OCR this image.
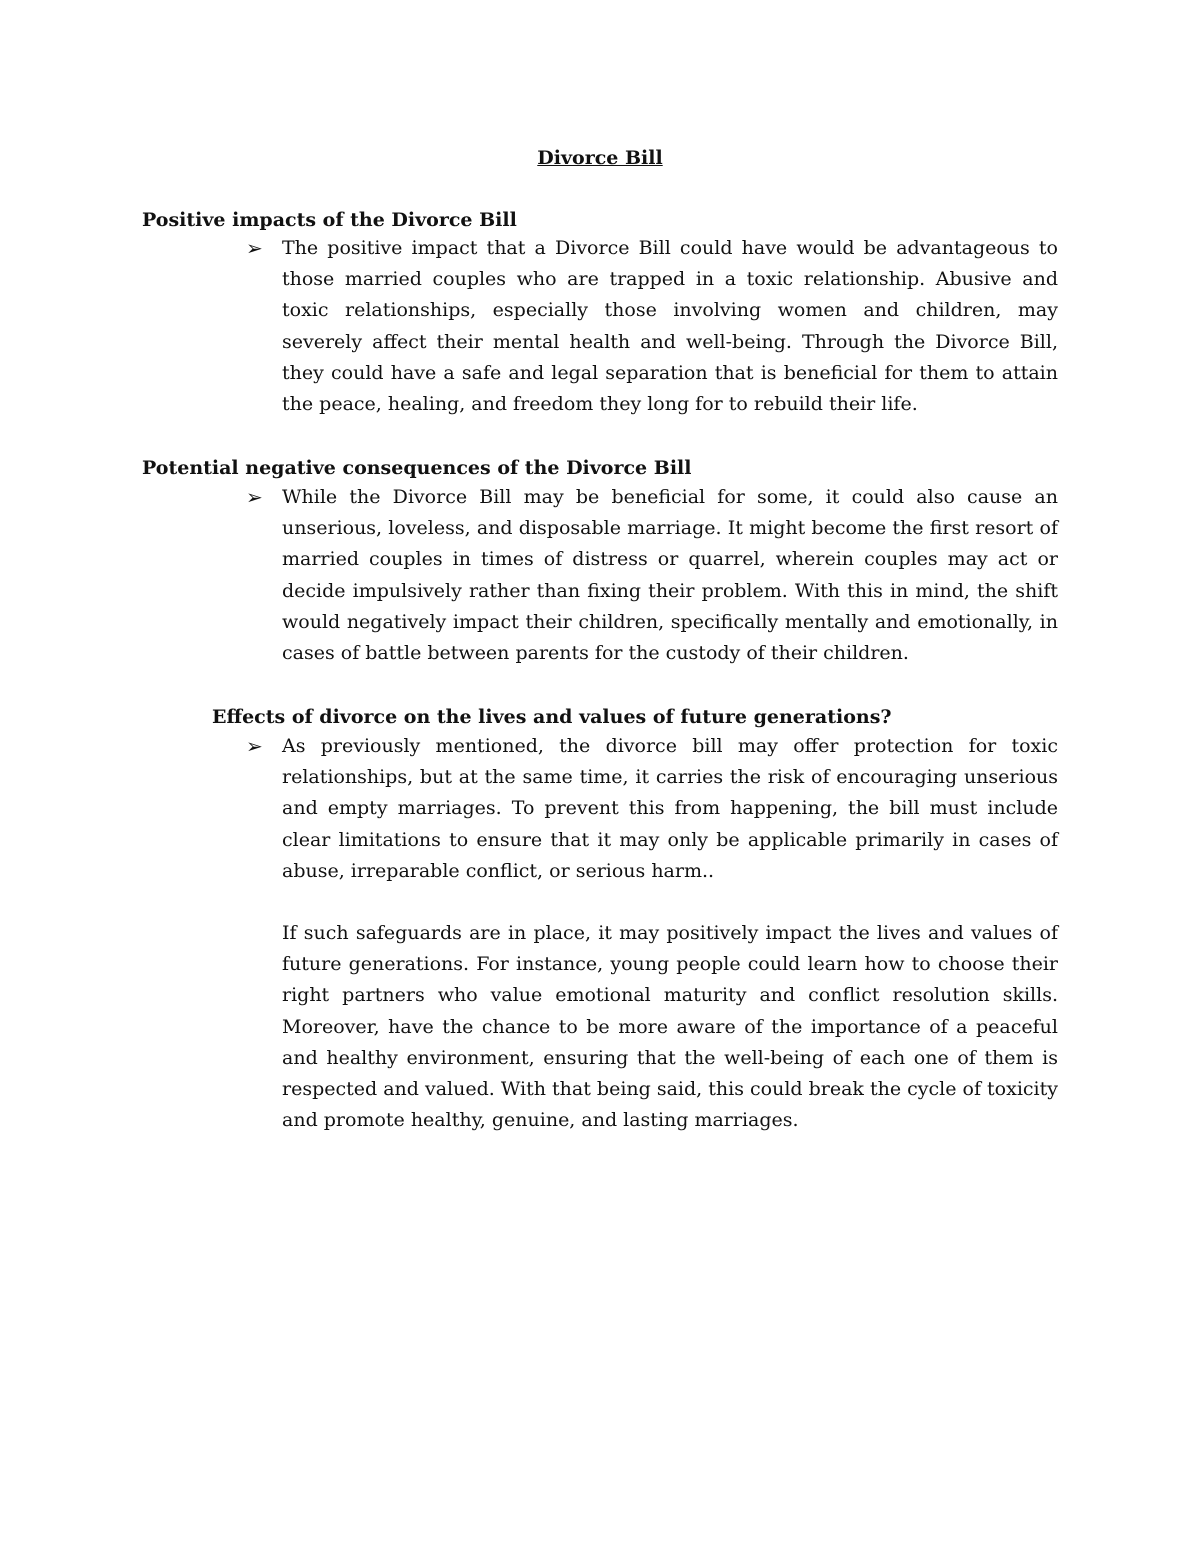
Divorce Bill
Positive impacts of the Divorce Bill
➢ The positive impact that a Divorce Bill could have would be advantageous to those married couples who are trapped in a toxic relationship. Abusive and toxic relationships, especially those involving women and children, may severely affect their mental health and well-being. Through the Divorce Bill, they could have a safe and legal separation that is beneficial for them to attain the peace, healing, and freedom they long for to rebuild their life.

Potential negative consequences of the Divorce Bill
➢ While the Divorce Bill may be beneficial for some, it could also cause an unserious, loveless, and disposable marriage. It might become the first resort of married couples in times of distress or quarrel, wherein couples may act or decide impulsively rather than fixing their problem. With this in mind, the shift would negatively impact their children, specifically mentally and emotionally, in cases of battle between parents for the custody of their children.

Effects of divorce on the lives and values of future generations?
➢ As previously mentioned, the divorce bill may offer protection for toxic relationships, but at the same time, it carries the risk of encouraging unserious and empty marriages. To prevent this from happening, the bill must include clear limitations to ensure that it may only be applicable primarily in cases of abuse, irreparable conflict, or serious harm..

If such safeguards are in place, it may positively impact the lives and values of future generations. For instance, young people could learn how to choose their right partners who value emotional maturity and conflict resolution skills. Moreover, have the chance to be more aware of the importance of a peaceful and healthy environment, ensuring that the well-being of each one of them is respected and valued. With that being said, this could break the cycle of toxicity and promote healthy, genuine, and lasting marriages.
